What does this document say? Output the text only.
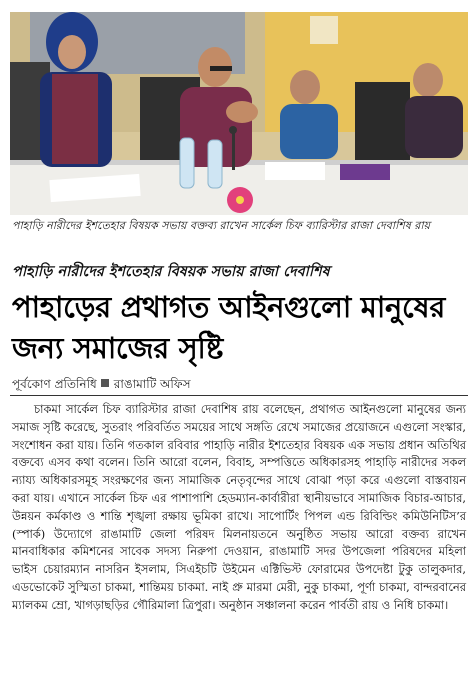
পাহাড়ি নারীদের ইশতেহার বিষয়ক সভায় বক্তব্য রাখেন সার্কেল চিফ ব্যারিস্টার রাজা দেবাশিষ রায়
পাহাড়ি নারীদের ইশতেহার বিষয়ক সভায় রাজা দেবাশিষ
পাহাড়ের প্রথাগত আইনগুলো মানুষের জন্য সমাজের সৃষ্টি
পূর্বকোণ প্রতিনিধি রাঙামাটি অফিস

চাকমা সার্কেল চিফ ব্যারিস্টার রাজা দেবাশিষ রায় বলেছেন, প্রথাগত আইনগুলো মানুষের জন্য সমাজ সৃষ্টি করেছে, সুতরাং পরিবর্তিত সময়ের সাথে সঙ্গতি রেখে সমাজের প্রয়োজনে এগুলো সংস্কার, সংশোধন করা যায়। তিনি গতকাল রবিবার পাহাড়ি নারীর ইশতেহার বিষয়ক এক সভায় প্রধান অতিথির বক্তব্যে এসব কথা বলেন। তিনি আরো বলেন, বিবাহ, সম্পত্তিতে অধিকারসহ পাহাড়ি নারীদের সকল ন্যায্য অধিকারসমূহ সংরক্ষণের জন্য সামাজিক নেতৃবৃন্দের সাথে বোঝা পড়া করে এগুলো বাস্তবায়ন করা যায়। এখানে সার্কেল চিফ এর পাশাপাশি হেডম্যান-কার্বারীরা স্থানীয়ভাবে সামাজিক বিচার-আচার, উন্নয়ন কর্মকাণ্ড ও শান্তি শৃঙ্খলা রক্ষায় ভূমিকা রাখে। সাপোর্টিং পিপল এন্ড রিবিল্ডিং কমিউনিটিস’র (স্পার্ক) উদ্যোগে রাঙামাটি জেলা পরিষদ মিলনায়তনে অনুষ্ঠিত সভায় আরো বক্তব্য রাখেন মানবাধিকার কমিশনের সাবেক সদস্য নিরুপা দেওয়ান, রাঙামাটি সদর উপজেলা পরিষদের মহিলা ভাইস চেয়ারম্যান নাসরিন ইসলাম, সিএইচটি উইমেন এক্টিভিস্ট ফোরামের উপদেষ্টা টুকু তালুকদার, এডভোকেট সুস্মিতা চাকমা, শান্তিময় চাকমা. নাই প্রু মারমা মেরী, নুকু চাকমা, পূর্ণা চাকমা, বান্দরবানের ম্যালকম ম্রো, খাগড়াছড়ির গৌরিমালা ত্রিপুরা। অনুষ্ঠান সঞ্চালনা করেন পার্বতী রায় ও নিধি চাকমা।
